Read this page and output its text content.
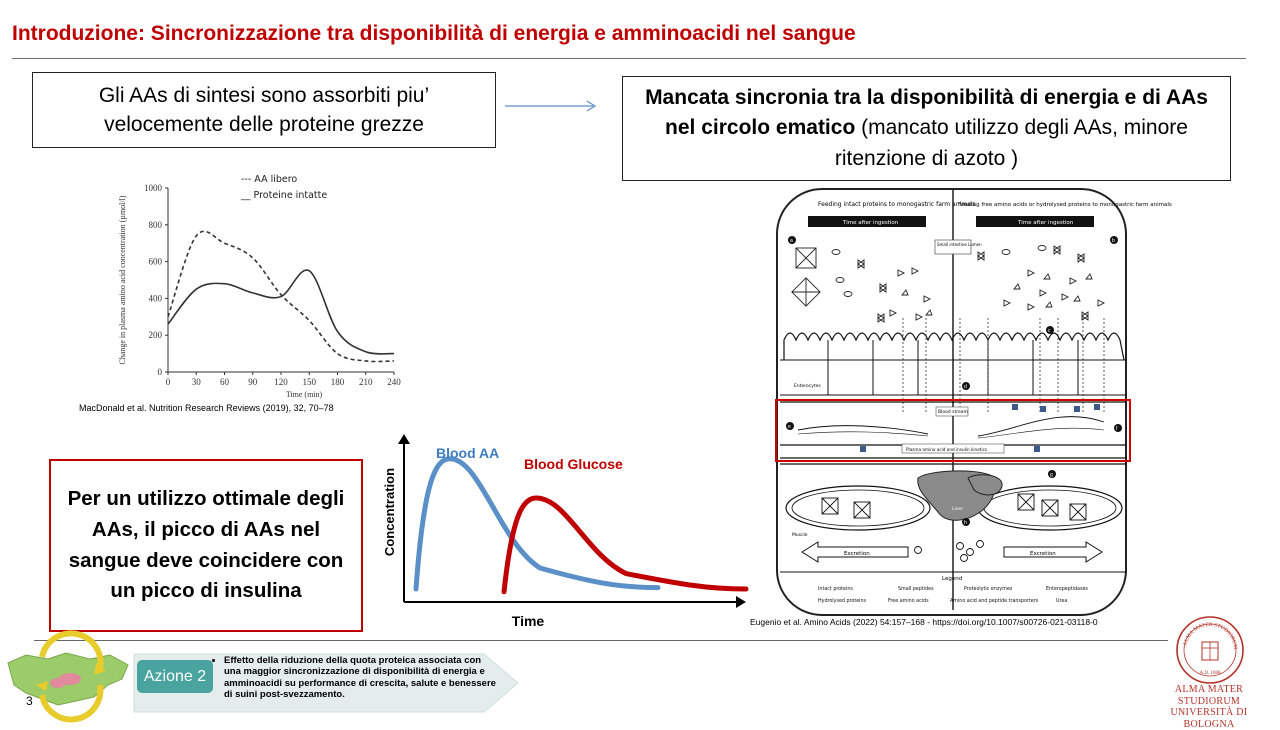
Introduzione: Sincronizzazione tra disponibilità di energia e amminoacidi nel sangue
Gli AAs di sintesi sono assorbiti piu’ velocemente delle proteine grezze
Mancata sincronia tra la disponibilità di energia e di AAs nel circolo ematico (mancato utilizzo degli AAs, minore ritenzione di azoto )
Change in plasma amino acid concentration (µmol/l)
Time (min)
0
200
400
600
800
1000
0 30 60 90 120 150 180 210 240
--- AA libero
__ Proteine intatte
MacDonald et al. Nutrition Research Reviews (2019), 32, 70–78
Per un utilizzo ottimale degli AAs, il picco di AAs nel sangue deve coincidere con un picco di insulina
Concentration
Time
Blood AA
Blood Glucose
Feeding intact proteins to monogastric farm animals
Feeding free amino acids or hydrolysed proteins to monogastric farm animals
Time after ingestion	Time after ingestion
Small intestine Lumen
a	b
c
Enterocytes	d
Blood stream
Plasma amino acid and insulin kinetics
e	f
Liver
Muscle
h
g
Excretion	Excretion
Legend
Intact proteins	Small peptides	Proteolytic enzymes	Enteropeptidases
Hydrolysed proteins	Free amino acids	Amino acid and peptide transporters	Urea
Eugenio et al. Amino Acids (2022) 54:157–168 - https://doi.org/10.1007/s00726-021-03118-0
3
Azione 2
• Effetto della riduzione della quota proteica associata con una maggior sincronizzazione di disponibilità di energia e amminoacidi su performance di crescita, salute e benessere di suini post-svezzamento.
ALMA MATER STUDIORUM
A.D. 1088
ALMA MATER STUDIORUM
UNIVERSITÀ DI BOLOGNA
